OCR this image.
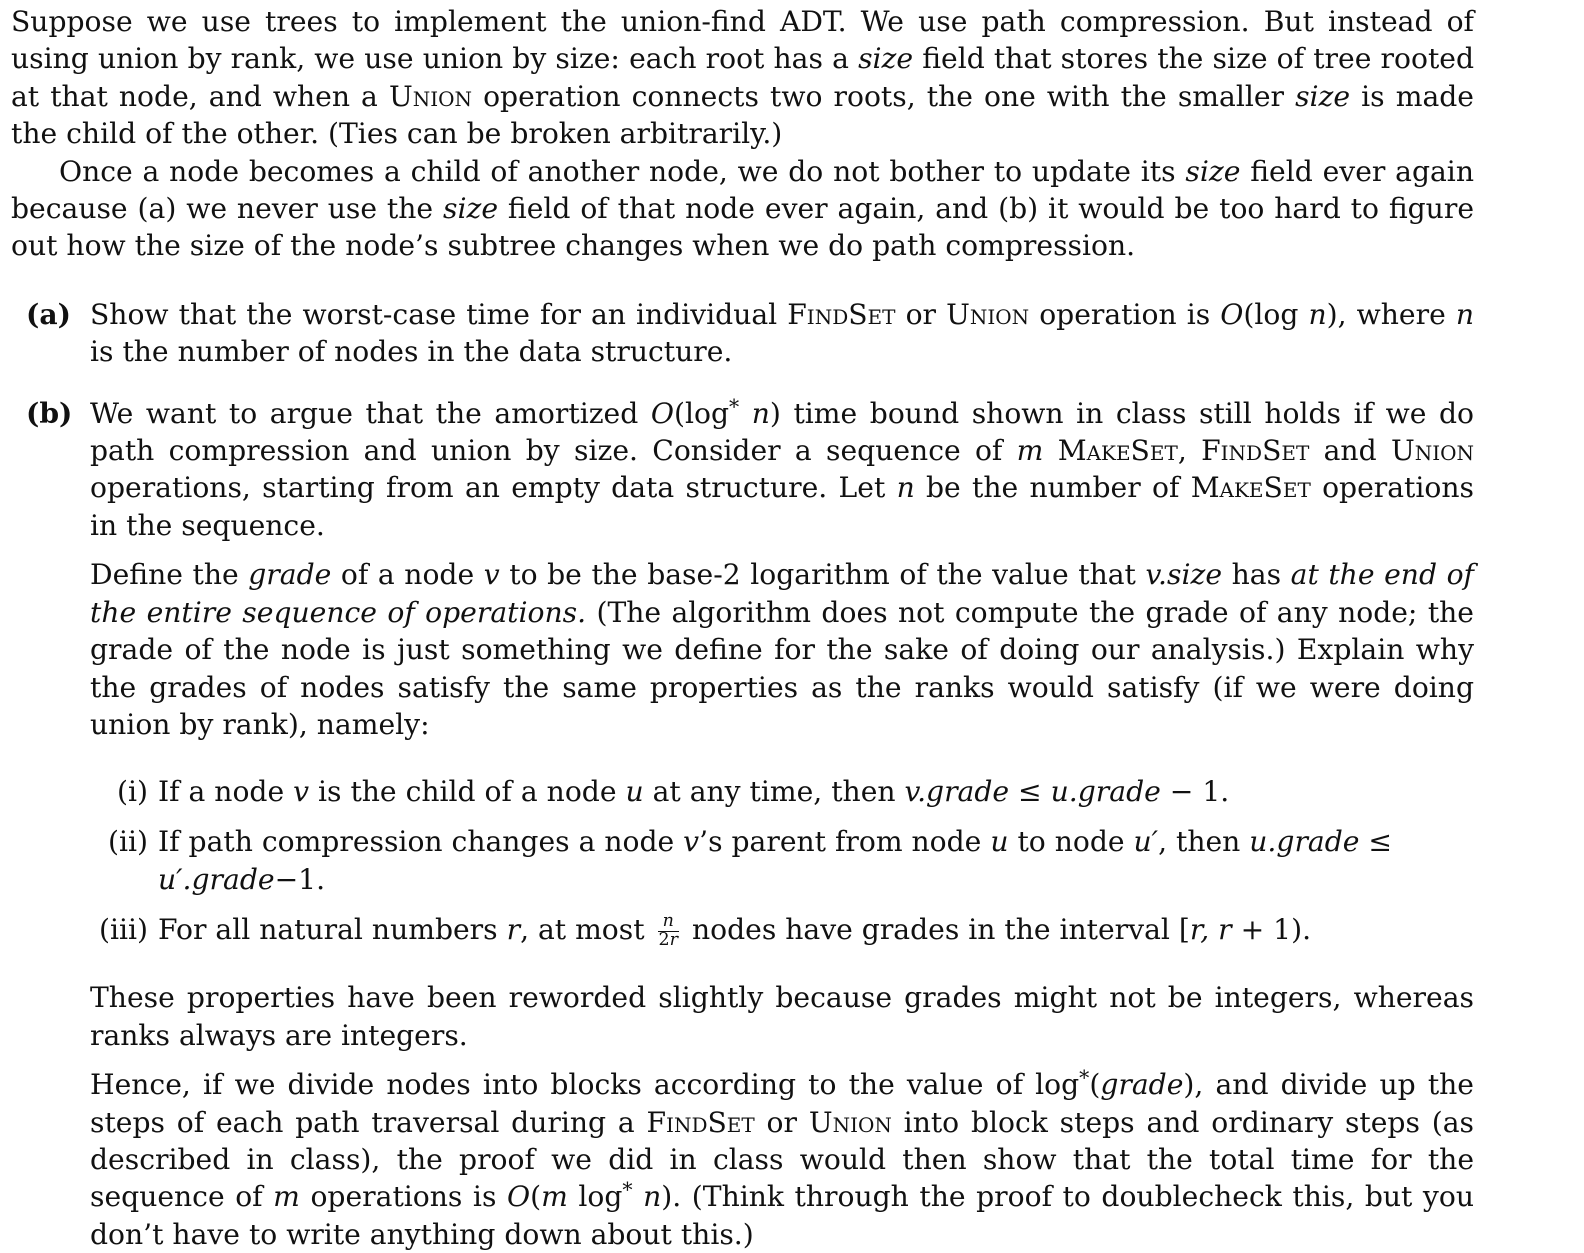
Suppose we use trees to implement the union-find ADT. We use path compression. But instead of using union by rank, we use union by size: each root has a size field that stores the size of tree rooted at that node, and when a Union operation connects two roots, the one with the smaller size is made the child of the other. (Ties can be broken arbitrarily.)

Once a node becomes a child of another node, we do not bother to update its size field ever again because (a) we never use the size field of that node ever again, and (b) it would be too hard to figure out how the size of the node’s subtree changes when we do path compression.

(a) Show that the worst-case time for an individual FindSet or Union operation is O(log n), where n is the number of nodes in the data structure.

(b) We want to argue that the amortized O(log* n) time bound shown in class still holds if we do path compression and union by size. Consider a sequence of m MakeSet, FindSet and Union operations, starting from an empty data structure. Let n be the number of MakeSet operations in the sequence.

Define the grade of a node v to be the base-2 logarithm of the value that v.size has at the end of the entire sequence of operations. (The algorithm does not compute the grade of any node; the grade of the node is just something we define for the sake of doing our analysis.) Explain why the grades of nodes satisfy the same properties as the ranks would satisfy (if we were doing union by rank), namely:

(i) If a node v is the child of a node u at any time, then v.grade ≤ u.grade − 1.
(ii) If path compression changes a node v’s parent from node u to node u′, then u.grade ≤ u′.grade−1.
(iii) For all natural numbers r, at most $\frac{n}{2r}$ nodes have grades in the interval [r, r + 1).

These properties have been reworded slightly because grades might not be integers, whereas ranks always are integers.

Hence, if we divide nodes into blocks according to the value of log*(grade), and divide up the steps of each path traversal during a FindSet or Union into block steps and ordinary steps (as described in class), the proof we did in class would then show that the total time for the sequence of m operations is O(m log* n). (Think through the proof to doublecheck this, but you don’t have to write anything down about this.)
